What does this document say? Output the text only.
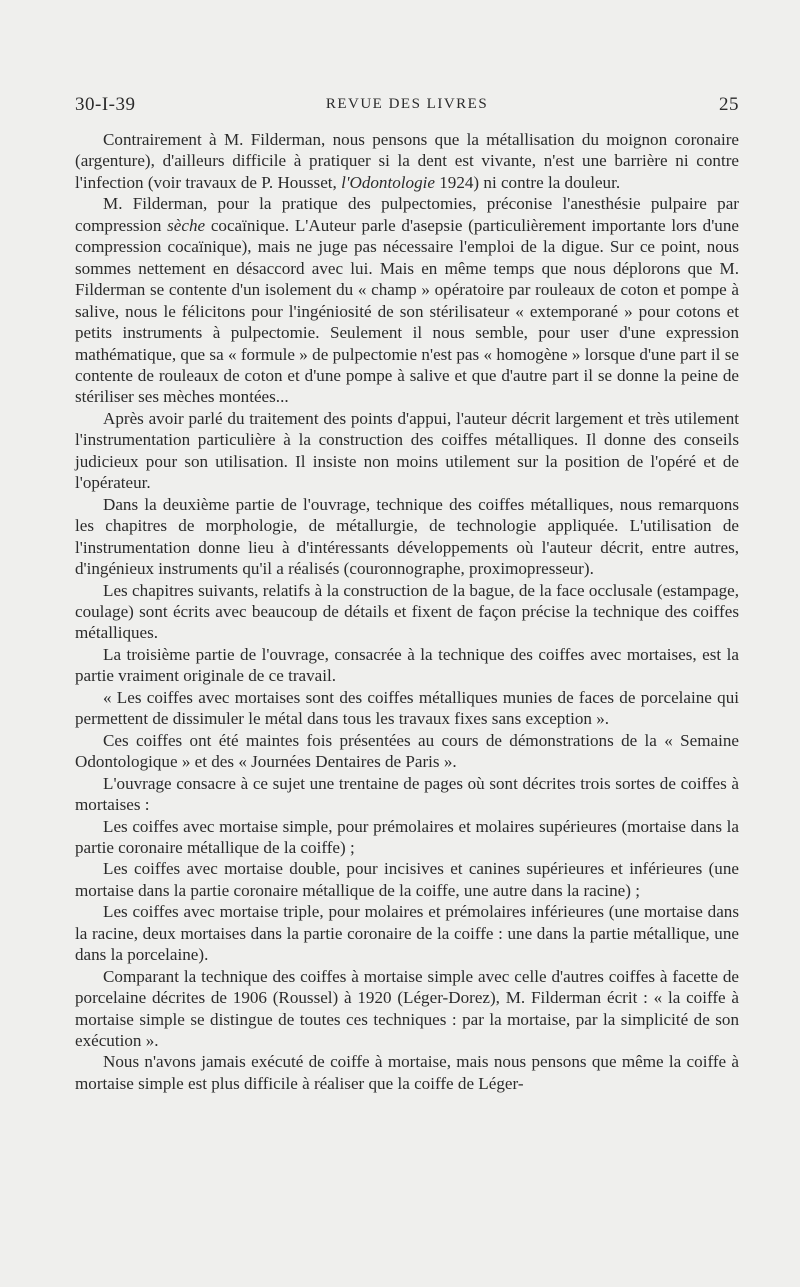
30-I-39	REVUE DES LIVRES	25

Contrairement à M. Filderman, nous pensons que la métallisation du moignon coronaire (argenture), d'ailleurs difficile à pratiquer si la dent est vivante, n'est une barrière ni contre l'infection (voir travaux de P. Housset, l'Odontologie 1924) ni contre la douleur.

M. Filderman, pour la pratique des pulpectomies, préconise l'anesthésie pulpaire par compression sèche cocaïnique. L'Auteur parle d'asepsie (particulièrement importante lors d'une compression cocaïnique), mais ne juge pas nécessaire l'emploi de la digue. Sur ce point, nous sommes nettement en désaccord avec lui. Mais en même temps que nous déplorons que M. Filderman se contente d'un isolement du « champ » opératoire par rouleaux de coton et pompe à salive, nous le félicitons pour l'ingéniosité de son stérilisateur « extemporané » pour cotons et petits instruments à pulpectomie. Seulement il nous semble, pour user d'une expression mathématique, que sa « formule » de pulpectomie n'est pas « homogène » lorsque d'une part il se contente de rouleaux de coton et d'une pompe à salive et que d'autre part il se donne la peine de stériliser ses mèches montées...

Après avoir parlé du traitement des points d'appui, l'auteur décrit largement et très utilement l'instrumentation particulière à la construction des coiffes métalliques. Il donne des conseils judicieux pour son utilisation. Il insiste non moins utilement sur la position de l'opéré et de l'opérateur.

Dans la deuxième partie de l'ouvrage, technique des coiffes métalliques, nous remarquons les chapitres de morphologie, de métallurgie, de technologie appliquée. L'utilisation de l'instrumentation donne lieu à d'intéressants développements où l'auteur décrit, entre autres, d'ingénieux instruments qu'il a réalisés (couronnographe, proximopresseur).

Les chapitres suivants, relatifs à la construction de la bague, de la face occlusale (estampage, coulage) sont écrits avec beaucoup de détails et fixent de façon précise la technique des coiffes métalliques.

La troisième partie de l'ouvrage, consacrée à la technique des coiffes avec mortaises, est la partie vraiment originale de ce travail.

« Les coiffes avec mortaises sont des coiffes métalliques munies de faces de porcelaine qui permettent de dissimuler le métal dans tous les travaux fixes sans exception ».

Ces coiffes ont été maintes fois présentées au cours de démonstrations de la « Semaine Odontologique » et des « Journées Dentaires de Paris ».

L'ouvrage consacre à ce sujet une trentaine de pages où sont décrites trois sortes de coiffes à mortaises :

Les coiffes avec mortaise simple, pour prémolaires et molaires supérieures (mortaise dans la partie coronaire métallique de la coiffe) ;

Les coiffes avec mortaise double, pour incisives et canines supérieures et inférieures (une mortaise dans la partie coronaire métallique de la coiffe, une autre dans la racine) ;

Les coiffes avec mortaise triple, pour molaires et prémolaires inférieures (une mortaise dans la racine, deux mortaises dans la partie coronaire de la coiffe : une dans la partie métallique, une dans la porcelaine).

Comparant la technique des coiffes à mortaise simple avec celle d'autres coiffes à facette de porcelaine décrites de 1906 (Roussel) à 1920 (Léger-Dorez), M. Filderman écrit : « la coiffe à mortaise simple se distingue de toutes ces techniques : par la mortaise, par la simplicité de son exécution ».

Nous n'avons jamais exécuté de coiffe à mortaise, mais nous pensons que même la coiffe à mortaise simple est plus difficile à réaliser que la coiffe de Léger-
